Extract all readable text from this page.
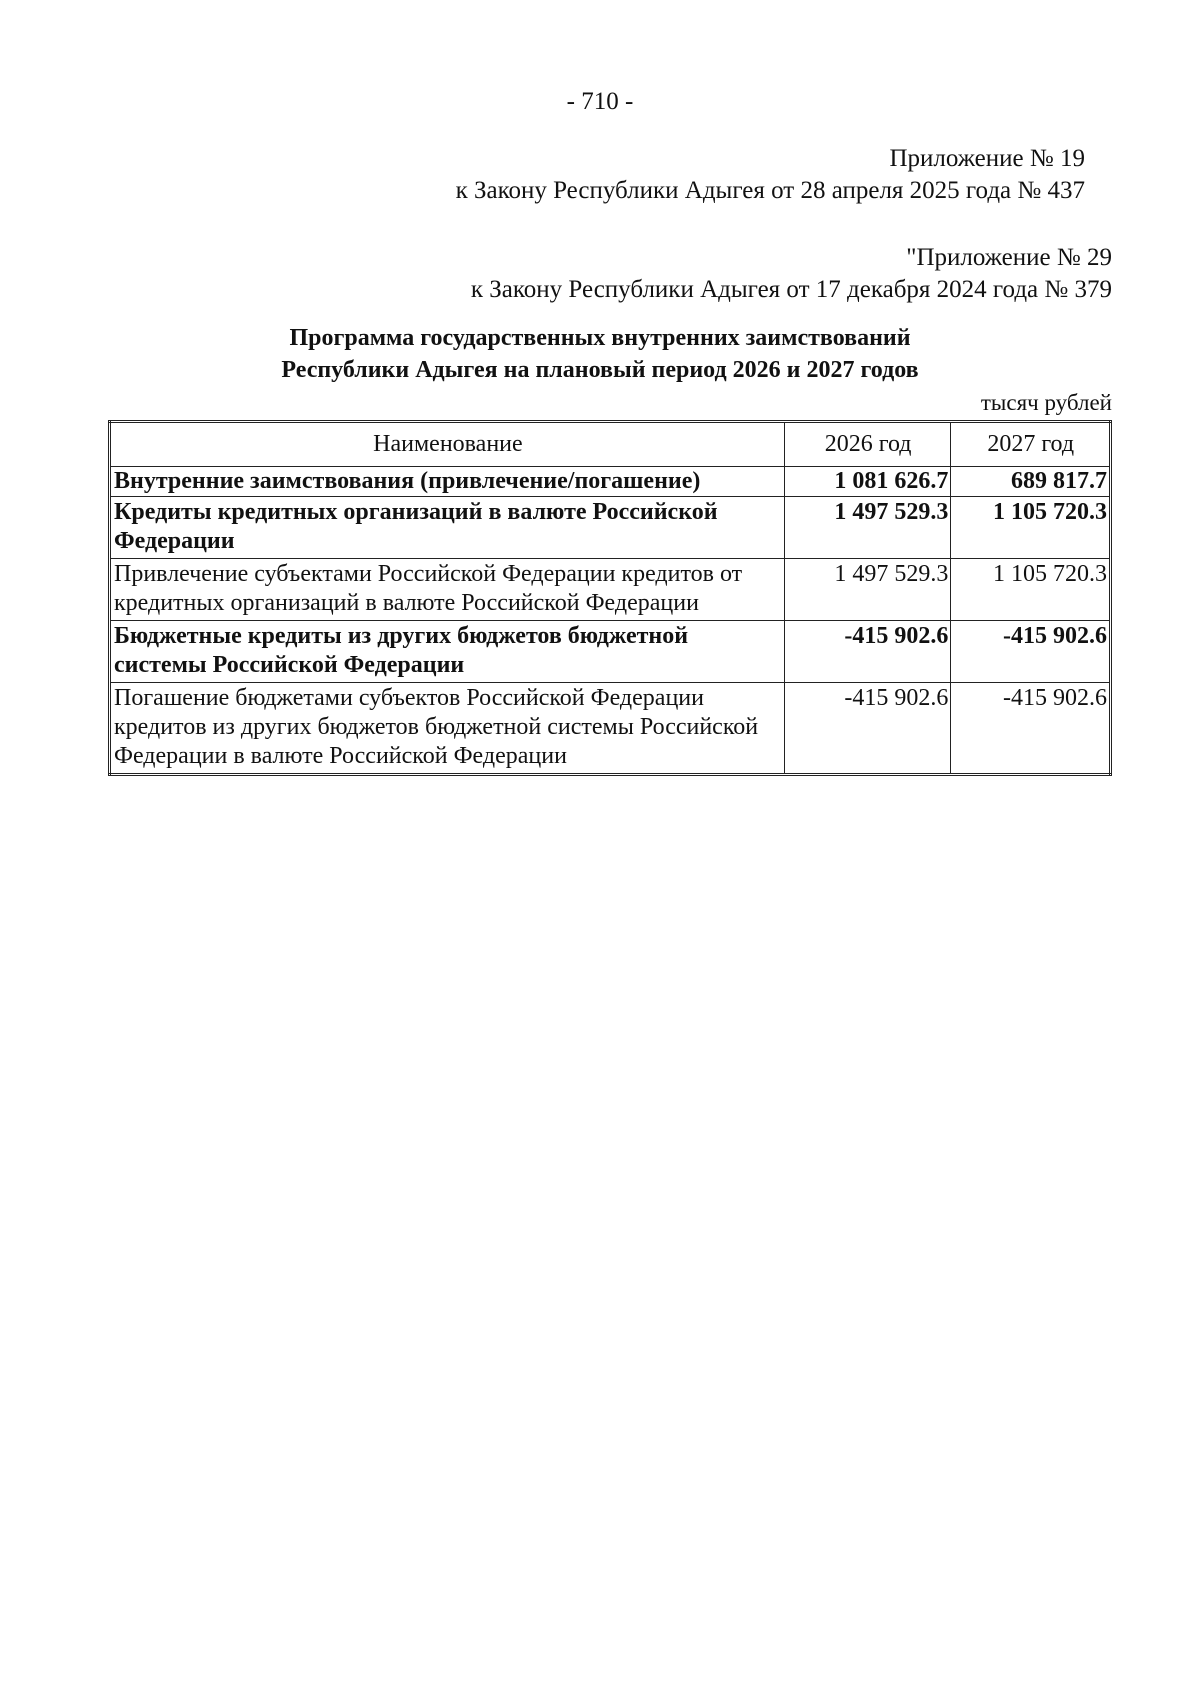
- 710 -
Приложение № 19
к Закону Республики Адыгея от 28 апреля 2025 года № 437
"Приложение № 29
к Закону Республики Адыгея от 17 декабря 2024 года № 379
Программа государственных внутренних заимствований
Республики Адыгея на плановый период 2026 и 2027 годов
тысяч рублей
Наименование	2026 год	2027 год
Внутренние заимствования (привлечение/погашение)	1 081 626.7	689 817.7
Кредиты кредитных организаций в валюте Российской Федерации	1 497 529.3	1 105 720.3
Привлечение субъектами Российской Федерации кредитов от кредитных организаций в валюте Российской Федерации	1 497 529.3	1 105 720.3
Бюджетные кредиты из других бюджетов бюджетной системы Российской Федерации	-415 902.6	-415 902.6
Погашение бюджетами субъектов Российской Федерации кредитов из других бюджетов бюджетной системы Российской Федерации в валюте Российской Федерации	-415 902.6	-415 902.6
